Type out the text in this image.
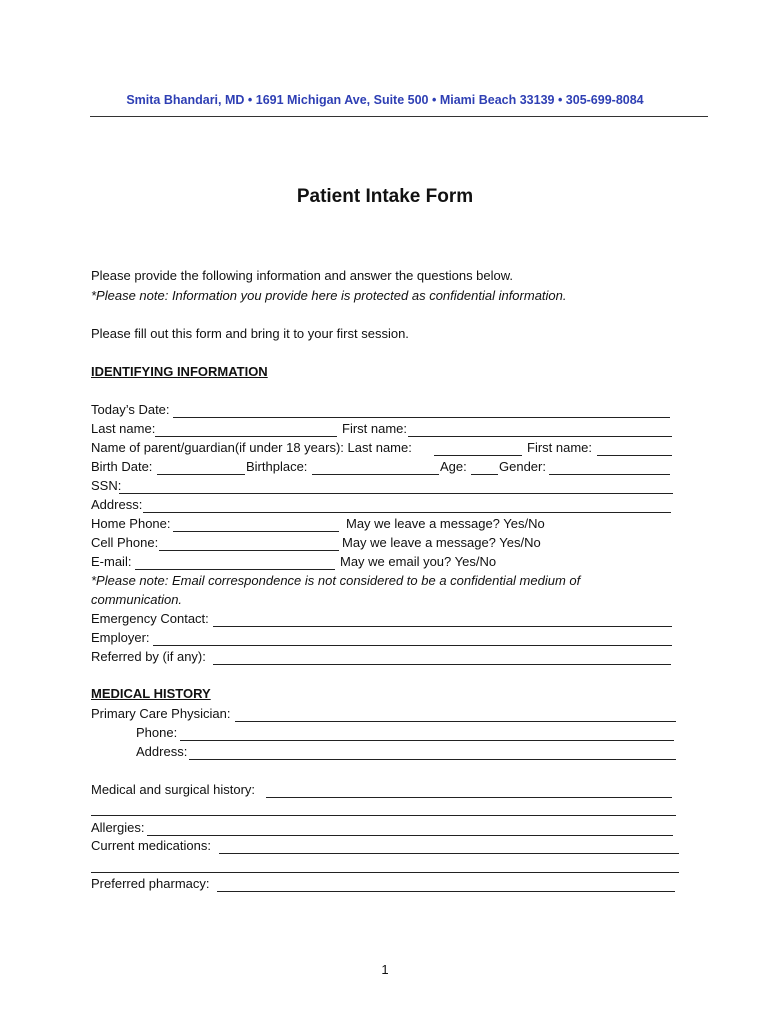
Smita Bhandari, MD • 1691 Michigan Ave, Suite 500 • Miami Beach 33139 • 305-699-8084
Patient Intake Form
Please provide the following information and answer the questions below.
*Please note: Information you provide here is protected as confidential information.
Please fill out this form and bring it to your first session.
IDENTIFYING INFORMATION
Today’s Date:
Last name:	First name:
Name of parent/guardian(if under 18 years): Last name:	First name:
Birth Date:	Birthplace:	Age: Gender:
SSN:
Address:
Home Phone:	May we leave a message? Yes/No
Cell Phone:	May we leave a message? Yes/No
E-mail:	May we email you? Yes/No
*Please note: Email correspondence is not considered to be a confidential medium of
communication.
Emergency Contact:
Employer:
Referred by (if any):
MEDICAL HISTORY
Primary Care Physician:
Phone:
Address:
Medical and surgical history:
Allergies:
Current medications:
Preferred pharmacy:
1
